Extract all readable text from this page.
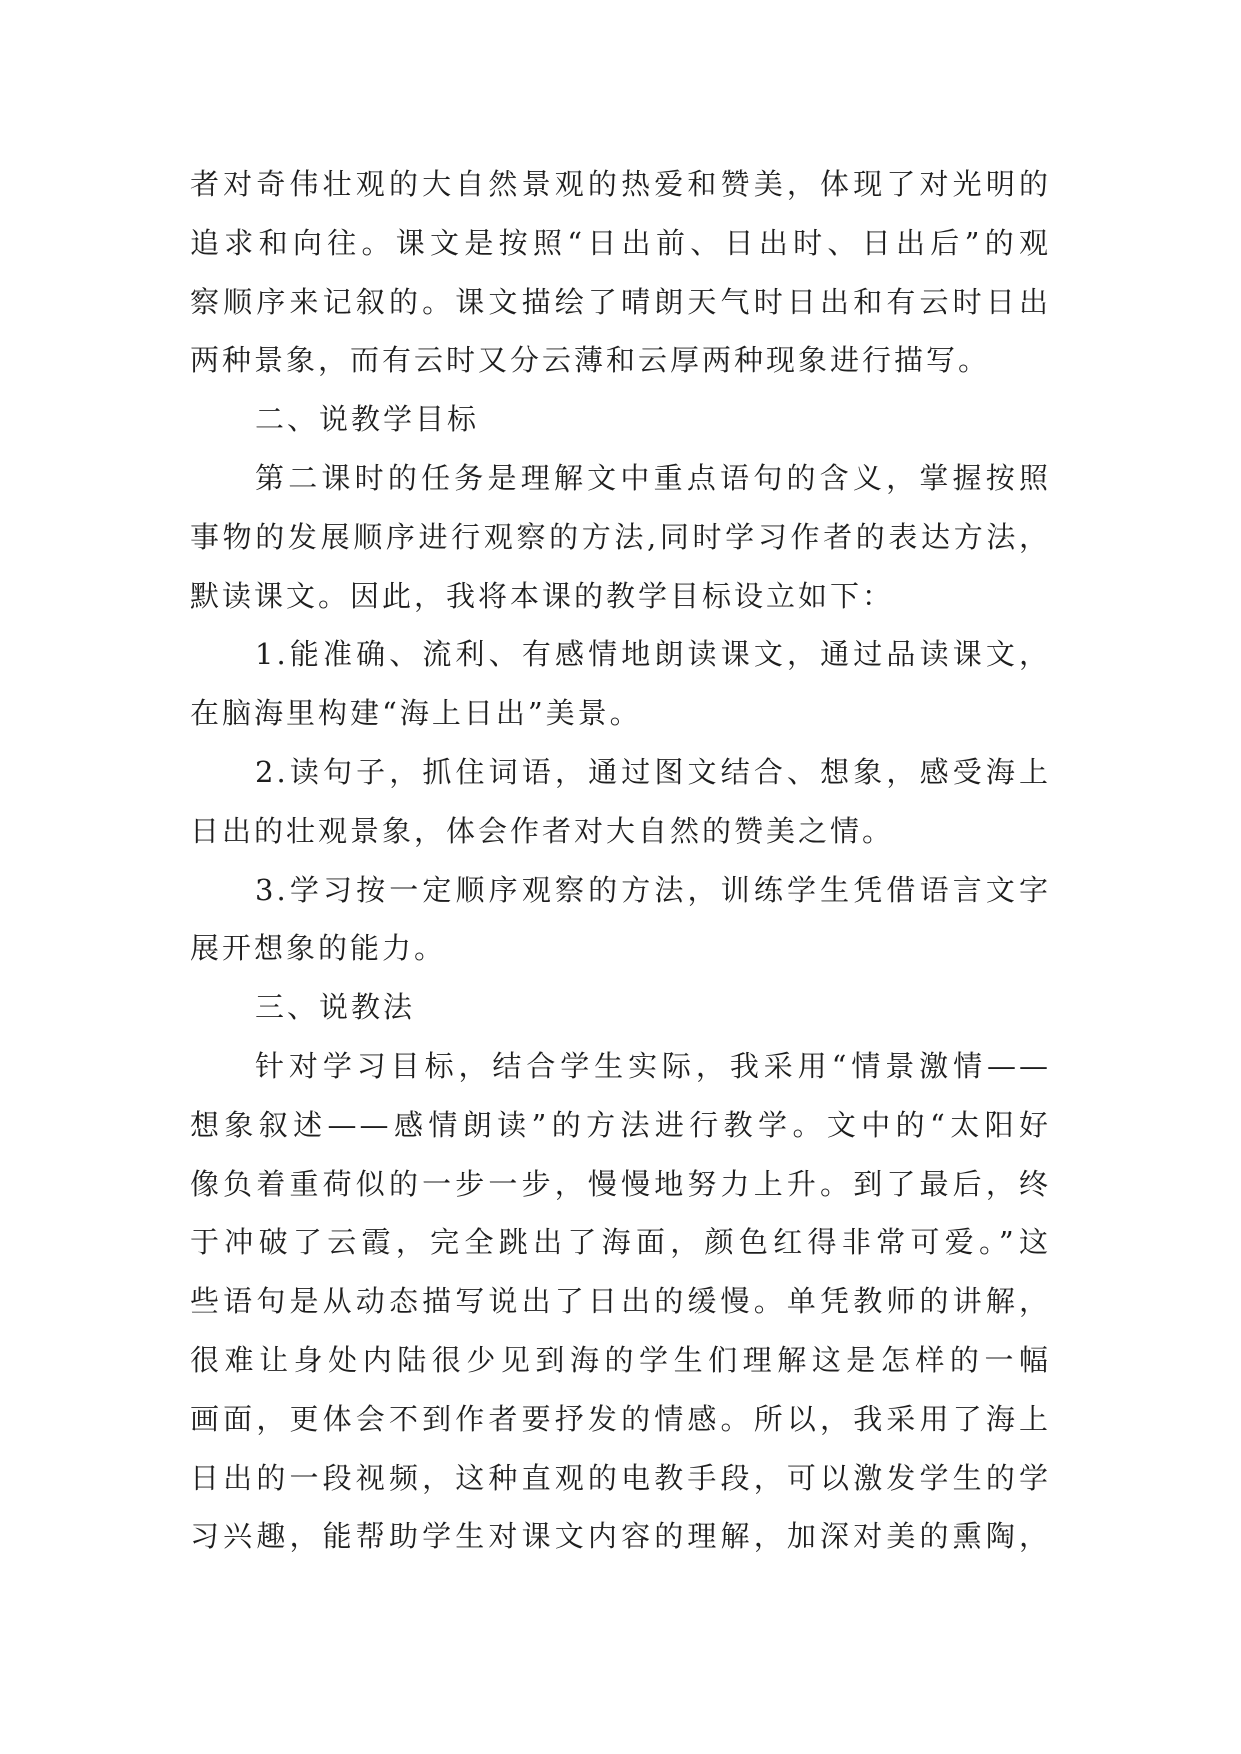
者对奇伟壮观的大自然景观的热爱和赞美，体现了对光明的
追求和向往。课文是按照“日出前、日出时、日出后”的观
察顺序来记叙的。课文描绘了晴朗天气时日出和有云时日出
两种景象，而有云时又分云薄和云厚两种现象进行描写。
二、说教学目标
第二课时的任务是理解文中重点语句的含义，掌握按照
事物的发展顺序进行观察的方法,同时学习作者的表达方法，
默读课文。因此，我将本课的教学目标设立如下：
1.能准确、流利、有感情地朗读课文，通过品读课文，
在脑海里构建“海上日出”美景。
2.读句子，抓住词语，通过图文结合、想象，感受海上
日出的壮观景象，体会作者对大自然的赞美之情。
3.学习按一定顺序观察的方法，训练学生凭借语言文字
展开想象的能力。
三、说教法
针对学习目标，结合学生实际，我采用“情景激情——
想象叙述——感情朗读”的方法进行教学。文中的“太阳好
像负着重荷似的一步一步，慢慢地努力上升。到了最后，终
于冲破了云霞，完全跳出了海面，颜色红得非常可爱。”这
些语句是从动态描写说出了日出的缓慢。单凭教师的讲解，
很难让身处内陆很少见到海的学生们理解这是怎样的一幅
画面，更体会不到作者要抒发的情感。所以，我采用了海上
日出的一段视频，这种直观的电教手段，可以激发学生的学
习兴趣，能帮助学生对课文内容的理解，加深对美的熏陶，
